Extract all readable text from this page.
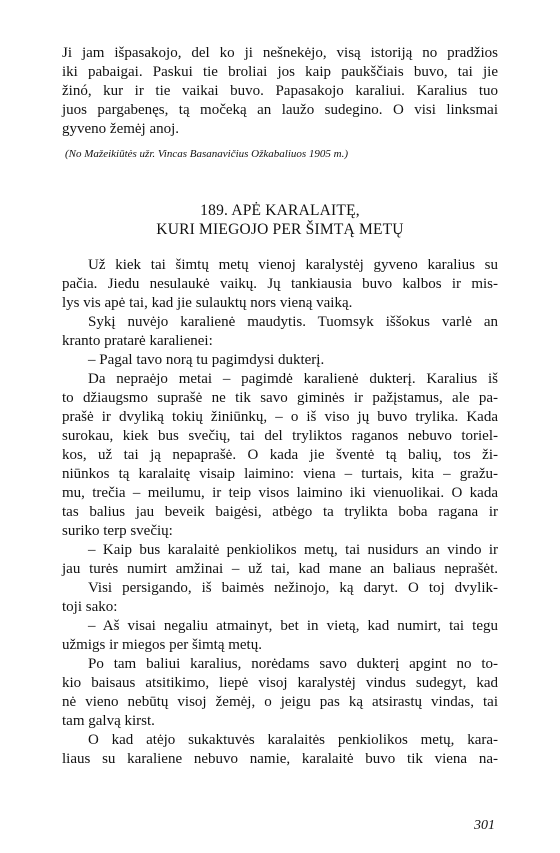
Ji jam išpasakojo, del ko ji nešnekėjo, visą istoriją no pradžios
iki pabaigai. Paskui tie broliai jos kaip paukščiais buvo, tai jie
žinó, kur ir tie vaikai buvo. Papasakojo karaliui. Karalius tuo
juos pargabenęs, tą močeką an laužo sudegino. O visi linksmai
gyveno žemėj anoj.
(No Mažeikiūtės užr. Vincas Basanavičius Ožkabaliuos 1905 m.)
189. APĖ KARALAITĘ,
KURI MIEGOJO PER ŠIMTĄ METŲ
Už kiek tai šimtų metų vienoj karalystėj gyveno karalius su
pačia. Jiedu nesulaukė vaikų. Jų tankiausia buvo kalbos ir mis-
lys vis apė tai, kad jie sulauktų nors vieną vaiką.
Sykį nuvėjo karalienė maudytis. Tuomsyk iššokus varlė an
kranto pratarė karalienei:
– Pagal tavo norą tu pagimdysi dukterį.
Da nepraėjo metai – pagimdė karalienė dukterį. Karalius iš
to džiaugsmo suprašė ne tik savo giminės ir pažįstamus, ale pa-
prašė ir dvyliką tokių žiniūnkų, – o iš viso jų buvo trylika. Kada
surokau, kiek bus svečių, tai del tryliktos raganos nebuvo toriel-
kos, už tai ją nepaprašė. O kada jie šventė tą balių, tos ži-
niūnkos tą karalaitę visaip laimino: viena – turtais, kita – gražu-
mu, trečia – meilumu, ir teip visos laimino iki vienuolikai. O kada
tas balius jau beveik baigėsi, atbėgo ta trylikta boba ragana ir
suriko terp svečių:
– Kaip bus karalaitė penkiolikos metų, tai nusidurs an vindo ir
jau turės numirt amžinai – už tai, kad mane an baliaus neprašėt.
Visi persigando, iš baimės nežinojo, ką daryt. O toj dvylik-
toji sako:
– Aš visai negaliu atmainyt, bet in vietą, kad numirt, tai tegu
užmigs ir miegos per šimtą metų.
Po tam baliui karalius, norėdams savo dukterį apgint no to-
kio baisaus atsitikimo, liepė visoj karalystėj vindus sudegyt, kad
nė vieno nebūtų visoj žemėj, o jeigu pas ką atsirastų vindas, tai
tam galvą kirst.
O kad atėjo sukaktuvės karalaitės penkiolikos metų, kara-
liaus su karaliene nebuvo namie, karalaitė buvo tik viena na-
301
